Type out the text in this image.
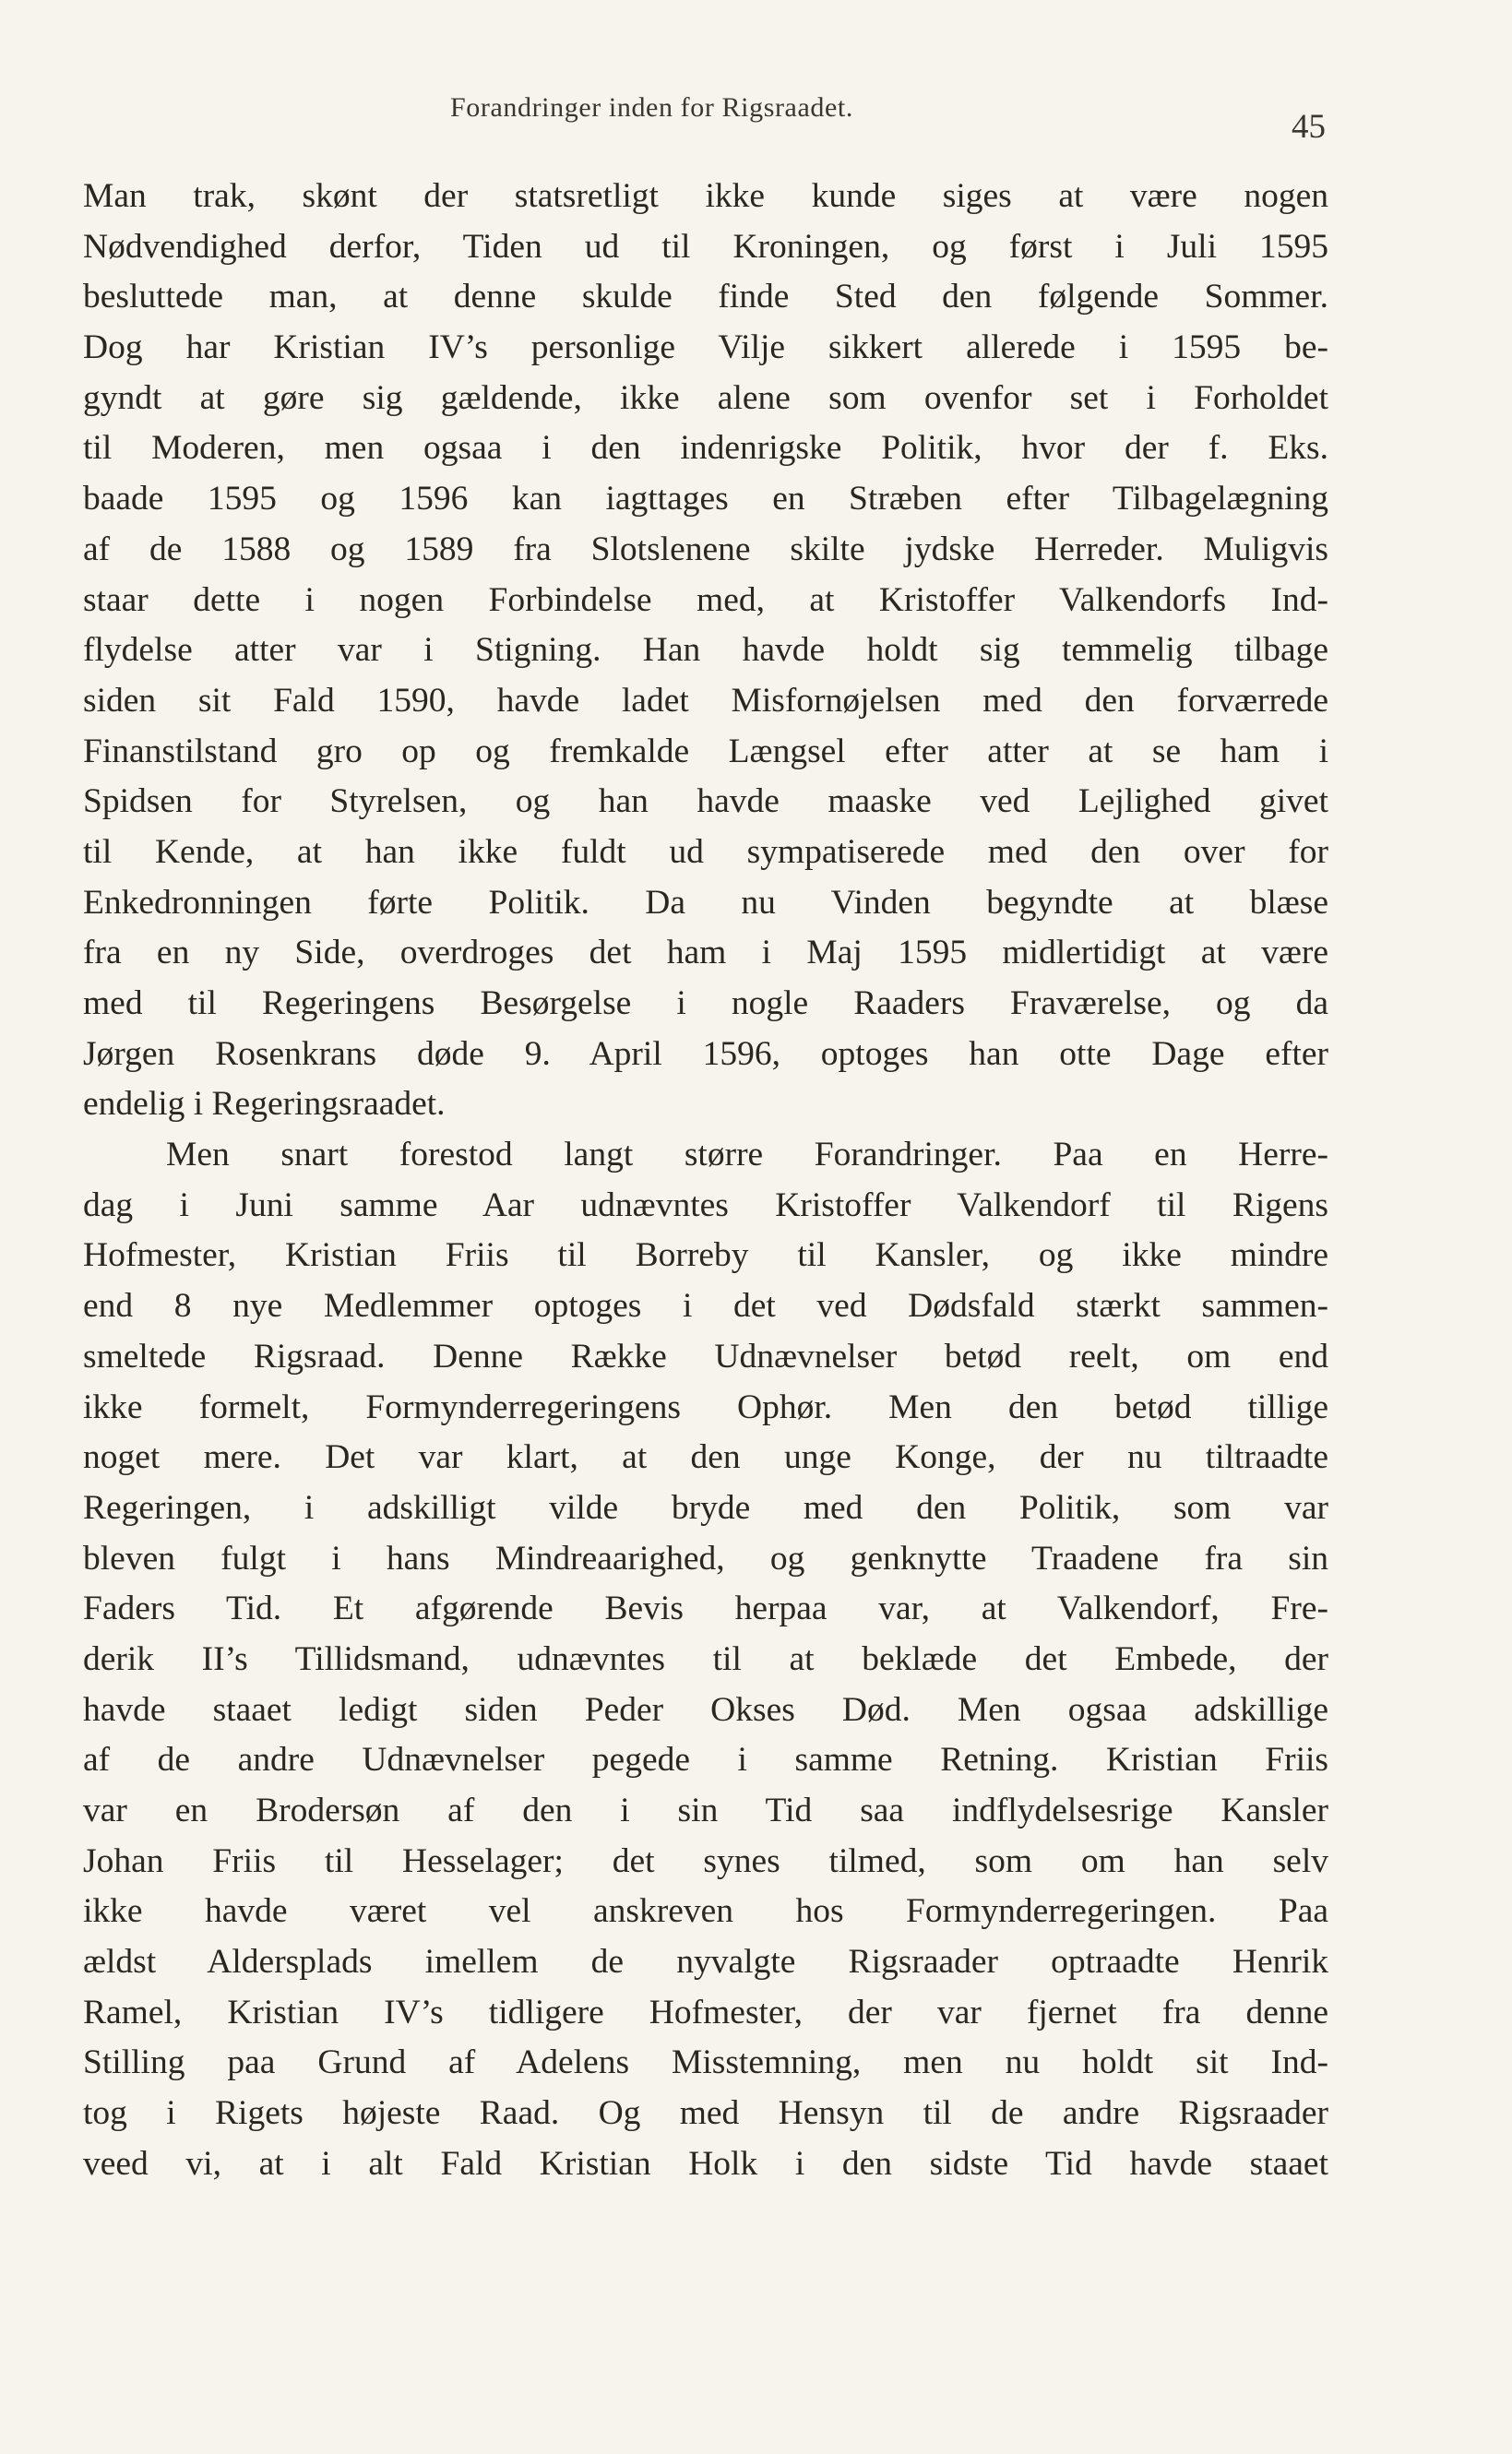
Forandringer inden for Rigsraadet.
45
Man trak, skønt der statsretligt ikke kunde siges at være nogen
Nødvendighed derfor, Tiden ud til Kroningen, og først i Juli 1595
besluttede man, at denne skulde finde Sted den følgende Sommer.
Dog har Kristian IV’s personlige Vilje sikkert allerede i 1595 be-
gyndt at gøre sig gældende, ikke alene som ovenfor set i Forholdet
til Moderen, men ogsaa i den indenrigske Politik, hvor der f. Eks.
baade 1595 og 1596 kan iagttages en Stræben efter Tilbagelægning
af de 1588 og 1589 fra Slotslenene skilte jydske Herreder. Muligvis
staar dette i nogen Forbindelse med, at Kristoffer Valkendorfs Ind-
flydelse atter var i Stigning. Han havde holdt sig temmelig tilbage
siden sit Fald 1590, havde ladet Misfornøjelsen med den forværrede
Finanstilstand gro op og fremkalde Længsel efter atter at se ham i
Spidsen for Styrelsen, og han havde maaske ved Lejlighed givet
til Kende, at han ikke fuldt ud sympatiserede med den over for
Enkedronningen førte Politik. Da nu Vinden begyndte at blæse
fra en ny Side, overdroges det ham i Maj 1595 midlertidigt at være
med til Regeringens Besørgelse i nogle Raaders Fraværelse, og da
Jørgen Rosenkrans døde 9. April 1596, optoges han otte Dage efter
endelig i Regeringsraadet.
Men snart forestod langt større Forandringer. Paa en Herre-
dag i Juni samme Aar udnævntes Kristoffer Valkendorf til Rigens
Hofmester, Kristian Friis til Borreby til Kansler, og ikke mindre
end 8 nye Medlemmer optoges i det ved Dødsfald stærkt sammen-
smeltede Rigsraad. Denne Række Udnævnelser betød reelt, om end
ikke formelt, Formynderregeringens Ophør. Men den betød tillige
noget mere. Det var klart, at den unge Konge, der nu tiltraadte
Regeringen, i adskilligt vilde bryde med den Politik, som var
bleven fulgt i hans Mindreaarighed, og genknytte Traadene fra sin
Faders Tid. Et afgørende Bevis herpaa var, at Valkendorf, Fre-
derik II’s Tillidsmand, udnævntes til at beklæde det Embede, der
havde staaet ledigt siden Peder Okses Død. Men ogsaa adskillige
af de andre Udnævnelser pegede i samme Retning. Kristian Friis
var en Brodersøn af den i sin Tid saa indflydelsesrige Kansler
Johan Friis til Hesselager; det synes tilmed, som om han selv
ikke havde været vel anskreven hos Formynderregeringen. Paa
ældst Aldersplads imellem de nyvalgte Rigsraader optraadte Henrik
Ramel, Kristian IV’s tidligere Hofmester, der var fjernet fra denne
Stilling paa Grund af Adelens Misstemning, men nu holdt sit Ind-
tog i Rigets højeste Raad. Og med Hensyn til de andre Rigsraader
veed vi, at i alt Fald Kristian Holk i den sidste Tid havde staaet
